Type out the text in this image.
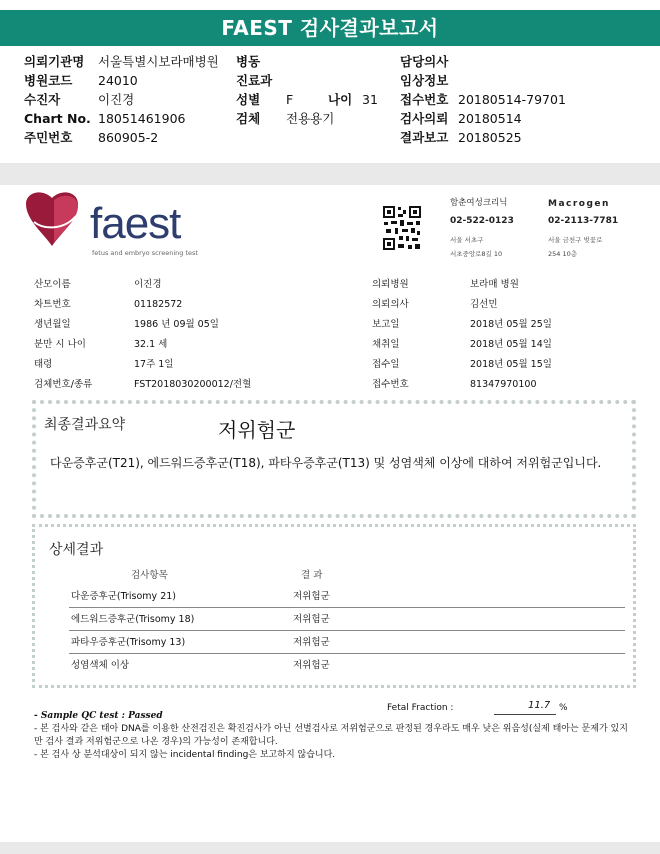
FAEST 검사결과보고서
의뢰기관명 서울특별시보라매병원 병동	담당의사
병원코드 24010	진료과	임상정보
수진자	이진경	성별 F	나이 31 접수번호 20180514-79701
Chart No. 18051461906	검체 전용용기	검사의뢰 20180514
주민번호 860905-2	결과보고 20180525
faest
fetus and embryo screening test
함춘여성크리닉
02-522-0123
서울 서초구
서초중앙로8길 10
Macrogen
02-2113-7781
서울 금천구 벚꽃로
254 10층
산모이름	이진경	의뢰병원	보라매 병원
차트번호	01182572	의뢰의사	김선민
생년월일	1986 년 09월 05일	보고일	2018년 05월 25일
분만 시 나이	32.1 세	채취일	2018년 05월 14일
태령	17주 1일	접수일	2018년 05월 15일
검체번호/종류	FST2018030200012/전혈	접수번호	81347970100
최종결과요약	저위험군
다운증후군(T21), 에드워드증후군(T18), 파타우증후군(T13) 및 성염색체 이상에 대하여 저위험군입니다.
상세결과
검사항목	결 과
다운증후군(Trisomy 21)	저위험군
에드워드증후군(Trisomy 18)	저위험군
파타우증후군(Trisomy 13)	저위험군
성염색체 이상	저위험군
Fetal Fraction :	11.7 %
- Sample QC test : Passed
- 본 검사와 같은 태아 DNA를 이용한 산전검진은 확진검사가 아닌 선별검사로 저위험군으로 판정된 경우라도 매우 낮은 위음성(실제 태아는 문제가 있지만 검사 결과 저위험군으로 나온 경우)의 가능성이 존재합니다.
- 본 검사 상 분석대상이 되지 않는 incidental finding은 보고하지 않습니다.
